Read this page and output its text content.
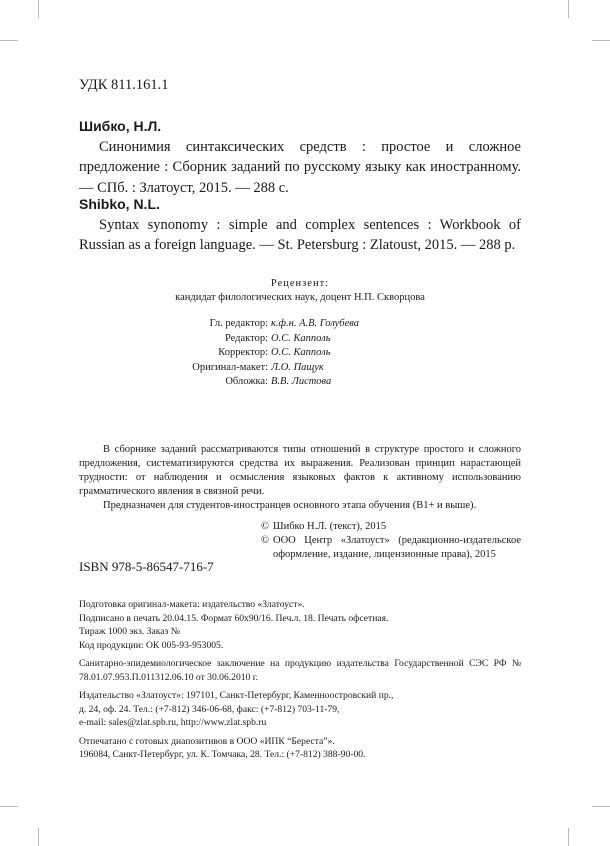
УДК 811.161.1
Шибко, Н.Л.
Синонимия синтаксических средств : простое и сложное предложение : Сборник заданий по русскому языку как иностранному. — СПб. : Златоуст, 2015. — 288 с.
Shibko, N.L.
Syntax synonomy : simple and complex sentences : Workbook of Russian as a foreign language. — St. Petersburg : Zlatoust, 2015. — 288 p.
Рецензент:
кандидат филологических наук, доцент Н.П. Скворцова
Гл. редактор: к.ф.н. А.В. Голубева
Редактор: О.С. Капполь
Корректор: О.С. Капполь
Оригинал-макет: Л.О. Пащук
Обложка: В.В. Листова

В сборнике заданий рассматриваются типы отношений в структуре простого и сложного предложения, систематизируются средства их выражения. Реализован принцип нарастающей трудности: от наблюдения и осмысления языковых фактов к активному использованию грамматического явления в связной речи.

Предназначен для студентов-иностранцев основного этапа обучения (B1+ и выше).

© Шибко Н.Л. (текст), 2015
© ООО Центр «Златоуст» (редакционно-издательское оформление, издание, лицензионные права), 2015
ISBN 978-5-86547-716-7
Подготовка оригинал-макета: издательство «Златоуст».
Подписано в печать 20.04.15. Формат 60х90/16. Печ.л. 18. Печать офсетная.
Тираж 1000 экз. Заказ №
Код продукции: ОК 005-93-953005.
Санитарно-эпидемиологическое заключение на продукцию издательства Государственной СЭС РФ № 78.01.07.953.П.011312.06.10 от 30.06.2010 г.
Издательство «Златоуст»: 197101, Санкт-Петербург, Каменноостровский пр.,
д. 24, оф. 24. Тел.: (+7-812) 346-06-68, факс: (+7-812) 703-11-79,
e-mail: sales@zlat.spb.ru, http://www.zlat.spb.ru
Отпечатано с готовых диапозитивов в ООО «ИПК “Береста”».
196084, Санкт-Петербург, ул. К. Томчака, 28. Тел.: (+7-812) 388-90-00.
